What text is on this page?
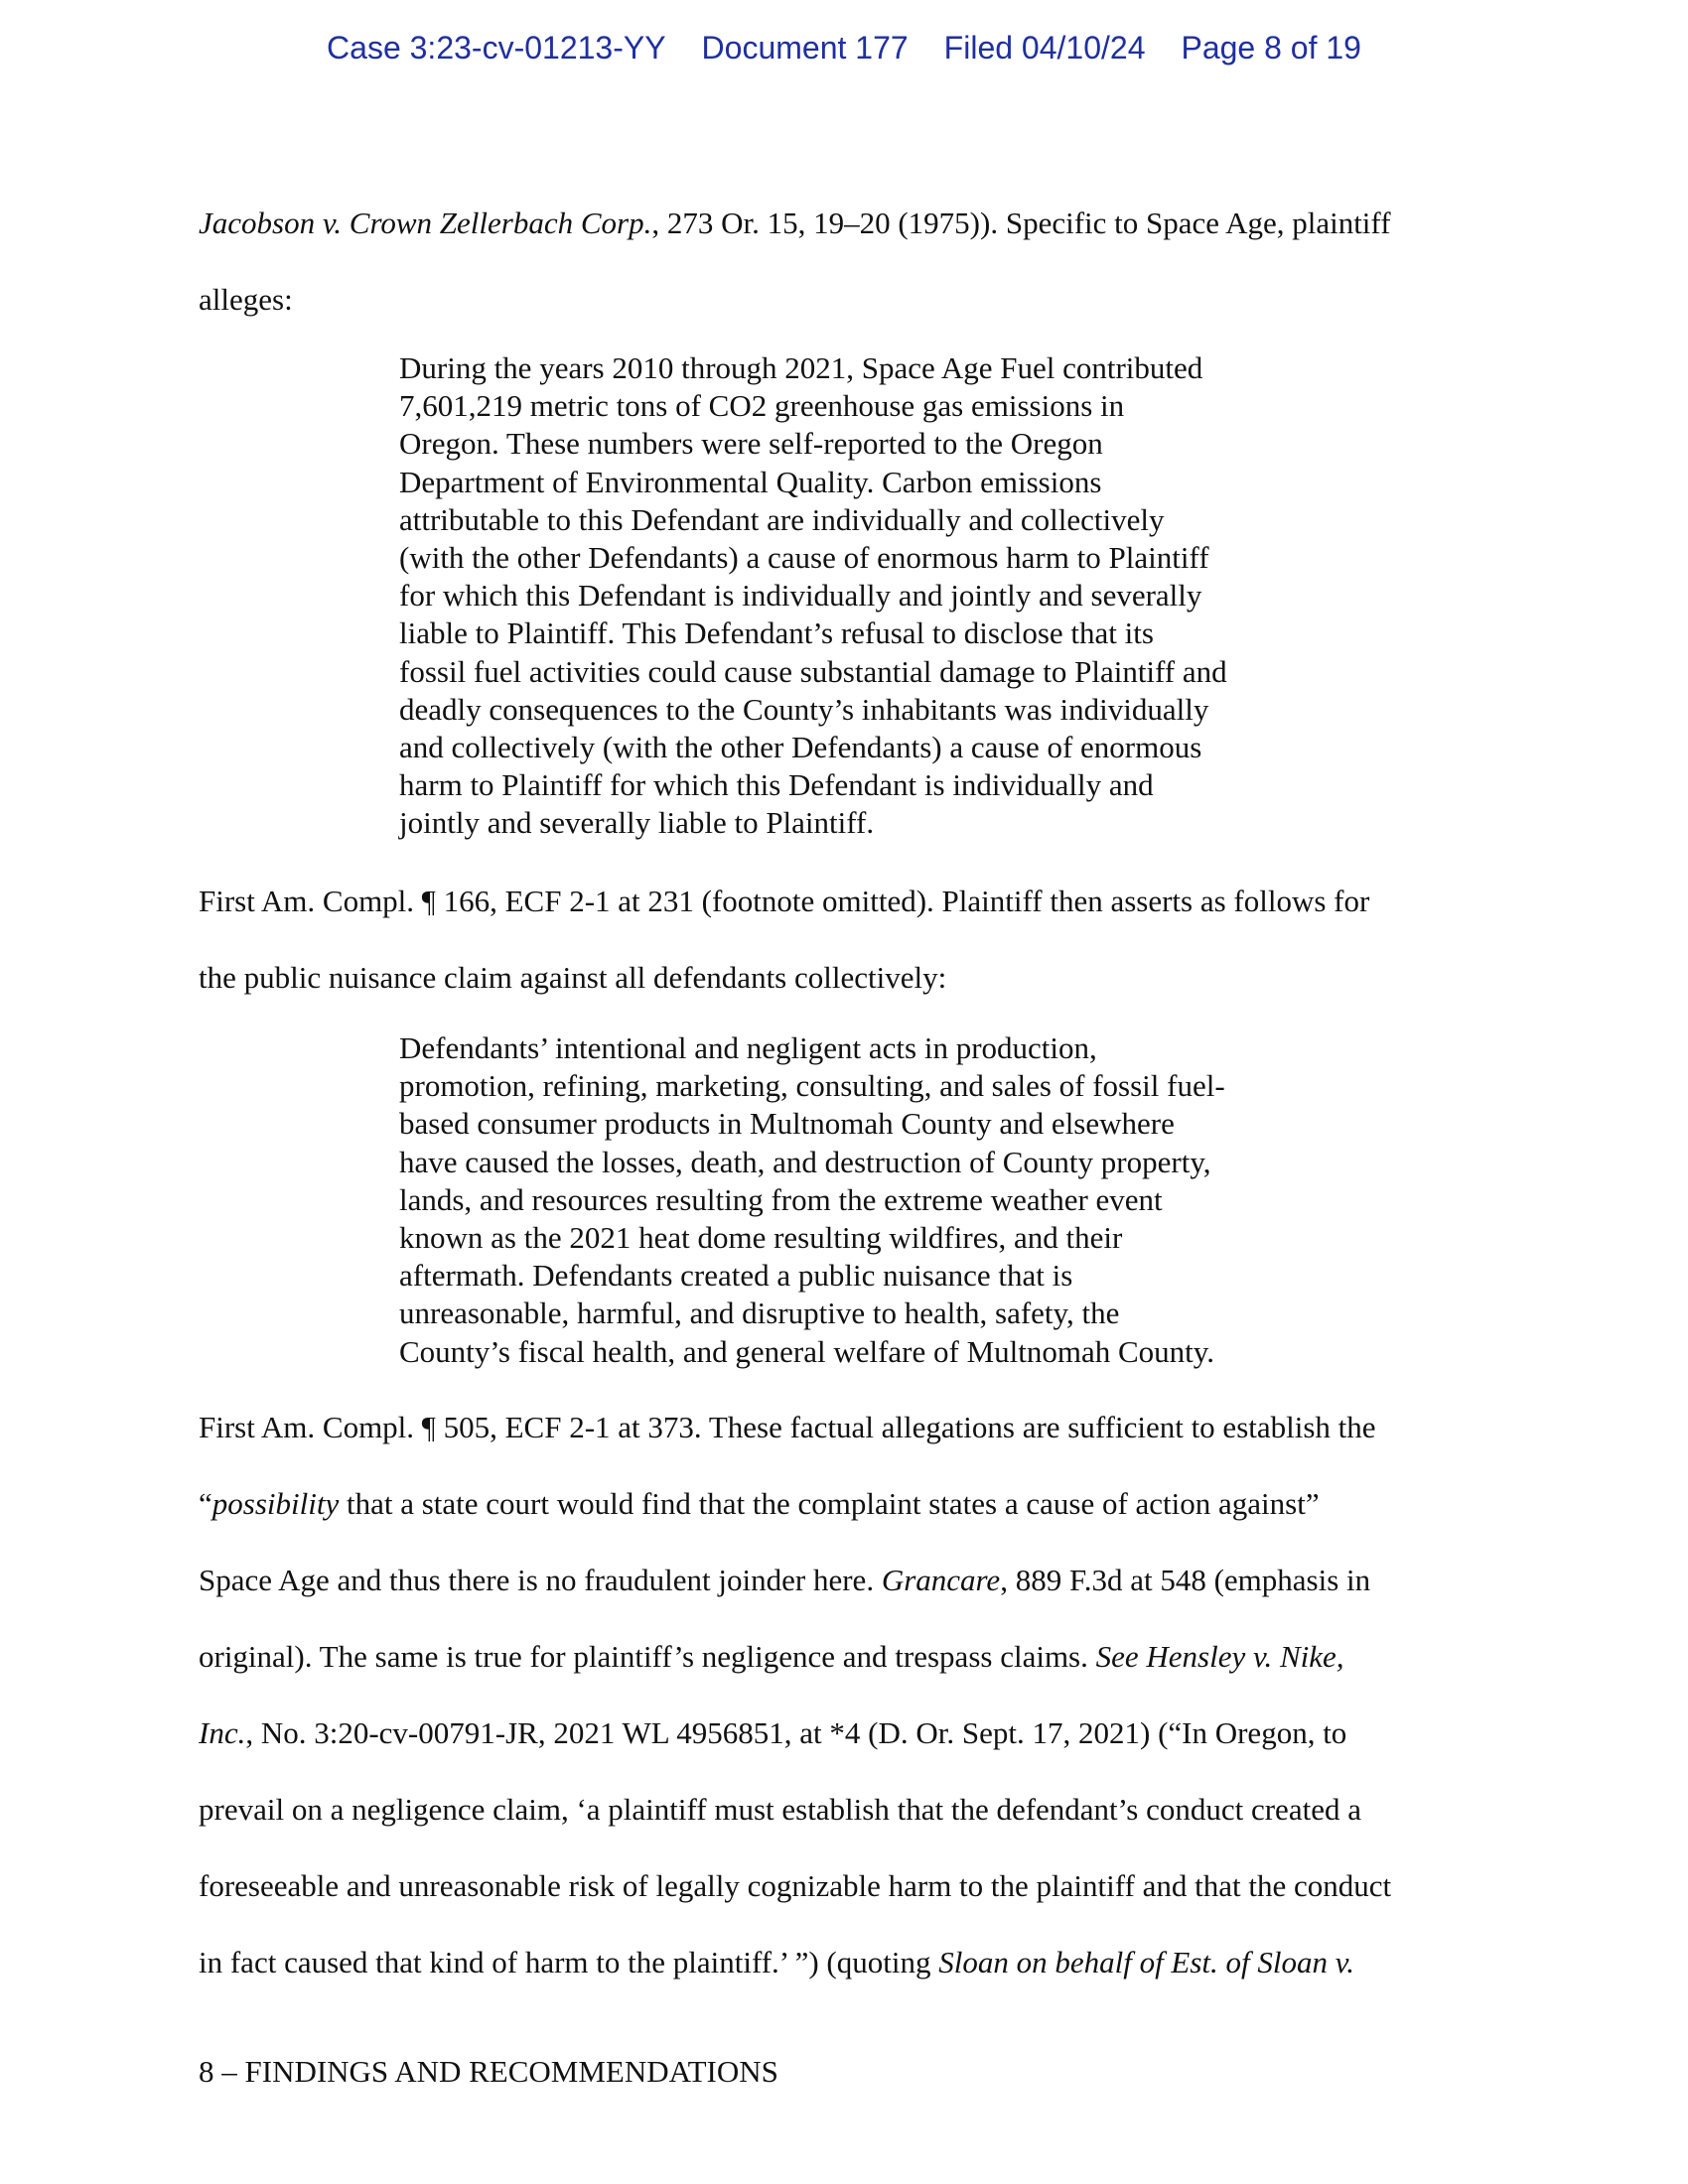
Case 3:23-cv-01213-YY Document 177 Filed 04/10/24 Page 8 of 19
Jacobson v. Crown Zellerbach Corp., 273 Or. 15, 19–20 (1975)). Specific to Space Age, plaintiff
alleges:
During the years 2010 through 2021, Space Age Fuel contributed
7,601,219 metric tons of CO2 greenhouse gas emissions in
Oregon. These numbers were self-reported to the Oregon
Department of Environmental Quality. Carbon emissions
attributable to this Defendant are individually and collectively
(with the other Defendants) a cause of enormous harm to Plaintiff
for which this Defendant is individually and jointly and severally
liable to Plaintiff. This Defendant’s refusal to disclose that its
fossil fuel activities could cause substantial damage to Plaintiff and
deadly consequences to the County’s inhabitants was individually
and collectively (with the other Defendants) a cause of enormous
harm to Plaintiff for which this Defendant is individually and
jointly and severally liable to Plaintiff.
First Am. Compl. ¶ 166, ECF 2-1 at 231 (footnote omitted). Plaintiff then asserts as follows for
the public nuisance claim against all defendants collectively:
Defendants’ intentional and negligent acts in production,
promotion, refining, marketing, consulting, and sales of fossil fuel-
based consumer products in Multnomah County and elsewhere
have caused the losses, death, and destruction of County property,
lands, and resources resulting from the extreme weather event
known as the 2021 heat dome resulting wildfires, and their
aftermath. Defendants created a public nuisance that is
unreasonable, harmful, and disruptive to health, safety, the
County’s fiscal health, and general welfare of Multnomah County.
First Am. Compl. ¶ 505, ECF 2-1 at 373. These factual allegations are sufficient to establish the
“possibility that a state court would find that the complaint states a cause of action against”
Space Age and thus there is no fraudulent joinder here. Grancare, 889 F.3d at 548 (emphasis in
original). The same is true for plaintiff’s negligence and trespass claims. See Hensley v. Nike,
Inc., No. 3:20-cv-00791-JR, 2021 WL 4956851, at *4 (D. Or. Sept. 17, 2021) (“In Oregon, to
prevail on a negligence claim, ‘a plaintiff must establish that the defendant’s conduct created a
foreseeable and unreasonable risk of legally cognizable harm to the plaintiff and that the conduct
in fact caused that kind of harm to the plaintiff.’ ”) (quoting Sloan on behalf of Est. of Sloan v.
8 – FINDINGS AND RECOMMENDATIONS
